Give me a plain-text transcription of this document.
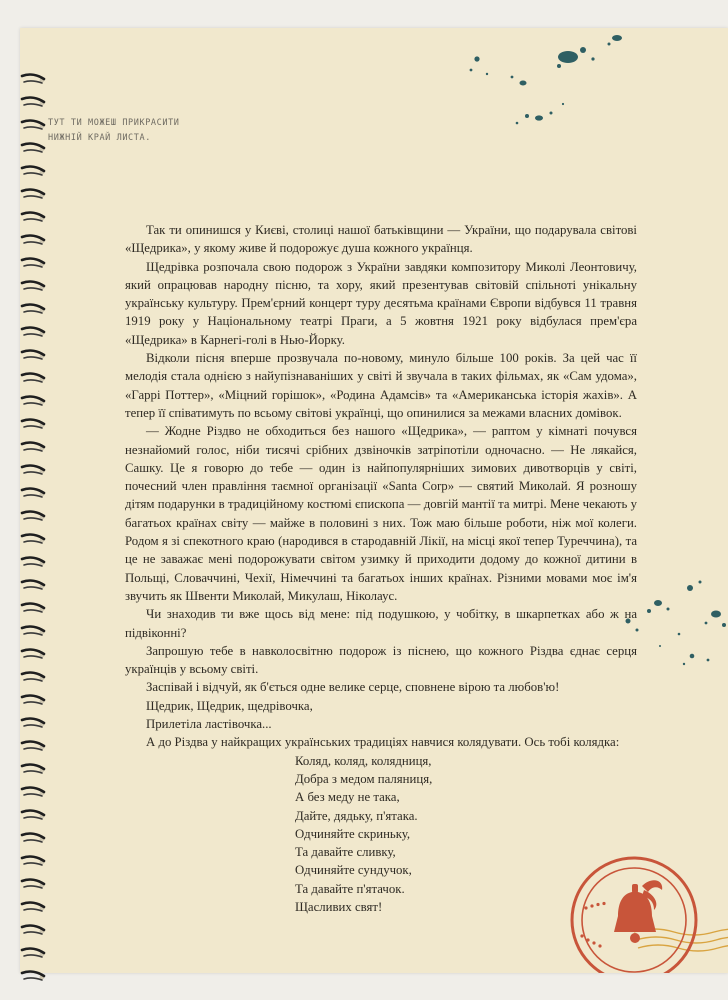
ТУТ ТИ МОЖЕШ ПРИКРАСИТИ
НИЖНІЙ КРАЙ ЛИСТА.

Так ти опинишся у Києві, столиці нашої батьківщини — України, що подарувала світові «Щедрика», у якому живе й подорожує душа кожного українця.

Щедрівка розпочала свою подорож з України завдяки композитору Миколі Леонтовичу, який опрацював народну пісню, та хору, який презентував світовій спільноті унікальну українську культуру. Прем'єрний концерт туру десятьма країнами Європи відбувся 11 травня 1919 року у Національному театрі Праги, а 5 жовтня 1921 року відбулася прем'єра «Щедрика» в Карнегі-голі в Нью-Йорку.

Відколи пісня вперше прозвучала по-новому, минуло більше 100 років. За цей час її мелодія стала однією з найупізнаваніших у світі й звучала в таких фільмах, як «Сам удома», «Гаррі Поттер», «Міцний горішок», «Родина Адамсів» та «Американська історія жахів». А тепер її співатимуть по всьому світові українці, що опинилися за межами власних домівок.

— Жодне Різдво не обходиться без нашого «Щедрика», — раптом у кімнаті почувся незнайомий голос, ніби тисячі срібних дзвіночків затріпотіли одночасно. — Не лякайся, Сашку. Це я говорю до тебе — один із найпопулярніших зимових дивотворців у світі, почесний член правління таємної організації «Santa Corp» — святий Миколай. Я розношу дітям подарунки в традиційному костюмі єпископа — довгій мантії та митрі. Мене чекають у багатьох країнах світу — майже в половині з них. Тож маю більше роботи, ніж мої колеги. Родом я зі спекотного краю (народився в стародавній Лікії, на місці якої тепер Туреччина), та це не заважає мені подорожувати світом узимку й приходити додому до кожної дитини в Польщі, Словаччині, Чехії, Німеччині та багатьох інших країнах. Різними мовами моє ім'я звучить як Швенти Миколай, Микулаш, Ніколаус.

Чи знаходив ти вже щось від мене: під подушкою, у чобітку, в шкарпетках або ж на підвіконні?

Запрошую тебе в навколосвітню подорож із піснею, що кожного Різдва єднає серця українців у всьому світі.

Заспівай і відчуй, як б'ється одне велике серце, сповнене вірою та любов'ю!

Щедрик, Щедрик, щедрівочка,

Прилетіла ластівочка...

А до Різдва у найкращих українських традиціях навчися колядувати. Ось тобі колядка:

Коляд, коляд, колядниця,
Добра з медом паляниця,
А без меду не така,
Дайте, дядьку, п'ятака.
Одчиняйте скриньку,
Та давайте сливку,
Одчиняйте сундучок,
Та давайте п'ятачок.
Щасливих свят!
